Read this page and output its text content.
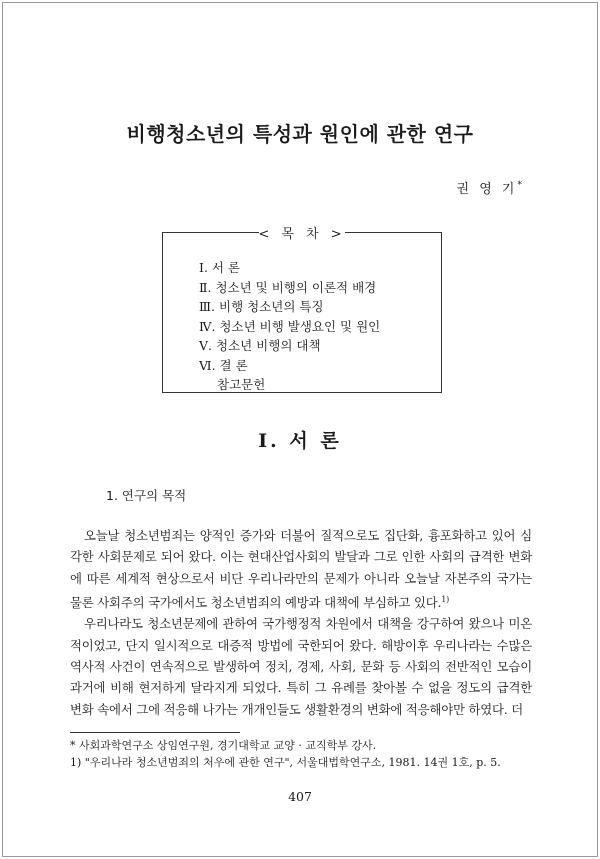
비행청소년의 특성과 원인에 관한 연구
권 영 기*
< 목 차 >
Ⅰ. 서 론
Ⅱ. 청소년 및 비행의 이론적 배경
Ⅲ. 비행 청소년의 특징
Ⅳ. 청소년 비행 발생요인 및 원인
Ⅴ. 청소년 비행의 대책
Ⅵ. 결 론
참고문헌
Ⅰ. 서 론
1. 연구의 목적

오늘날 청소년범죄는 양적인 증가와 더불어 질적으로도 집단화, 흉포화하고 있어 심각한 사회문제로 되어 왔다. 이는 현대산업사회의 발달과 그로 인한 사회의 급격한 변화에 따른 세계적 현상으로서 비단 우리나라만의 문제가 아니라 오늘날 자본주의 국가는 물론 사회주의 국가에서도 청소년범죄의 예방과 대책에 부심하고 있다.$^{1)}$

우리나라도 청소년문제에 관하여 국가행정적 차원에서 대책을 강구하여 왔으나 미온적이었고, 단지 일시적으로 대증적 방법에 국한되어 왔다. 해방이후 우리나라는 수많은 역사적 사건이 연속적으로 발생하여 정치, 경제, 사회, 문화 등 사회의 전반적인 모습이 과거에 비해 현저하게 달라지게 되었다. 특히 그 유례를 찾아볼 수 없을 정도의 급격한 변화 속에서 그에 적응해 나가는 개개인들도 생활환경의 변화에 적응해야만 하였다. 더

* 사회과학연구소 상임연구원, 경기대학교 교양 · 교직학부 강사.
1) "우리나라 청소년범죄의 처우에 관한 연구", 서울대법학연구소, 1981. 14권 1호, p. 5.
407
